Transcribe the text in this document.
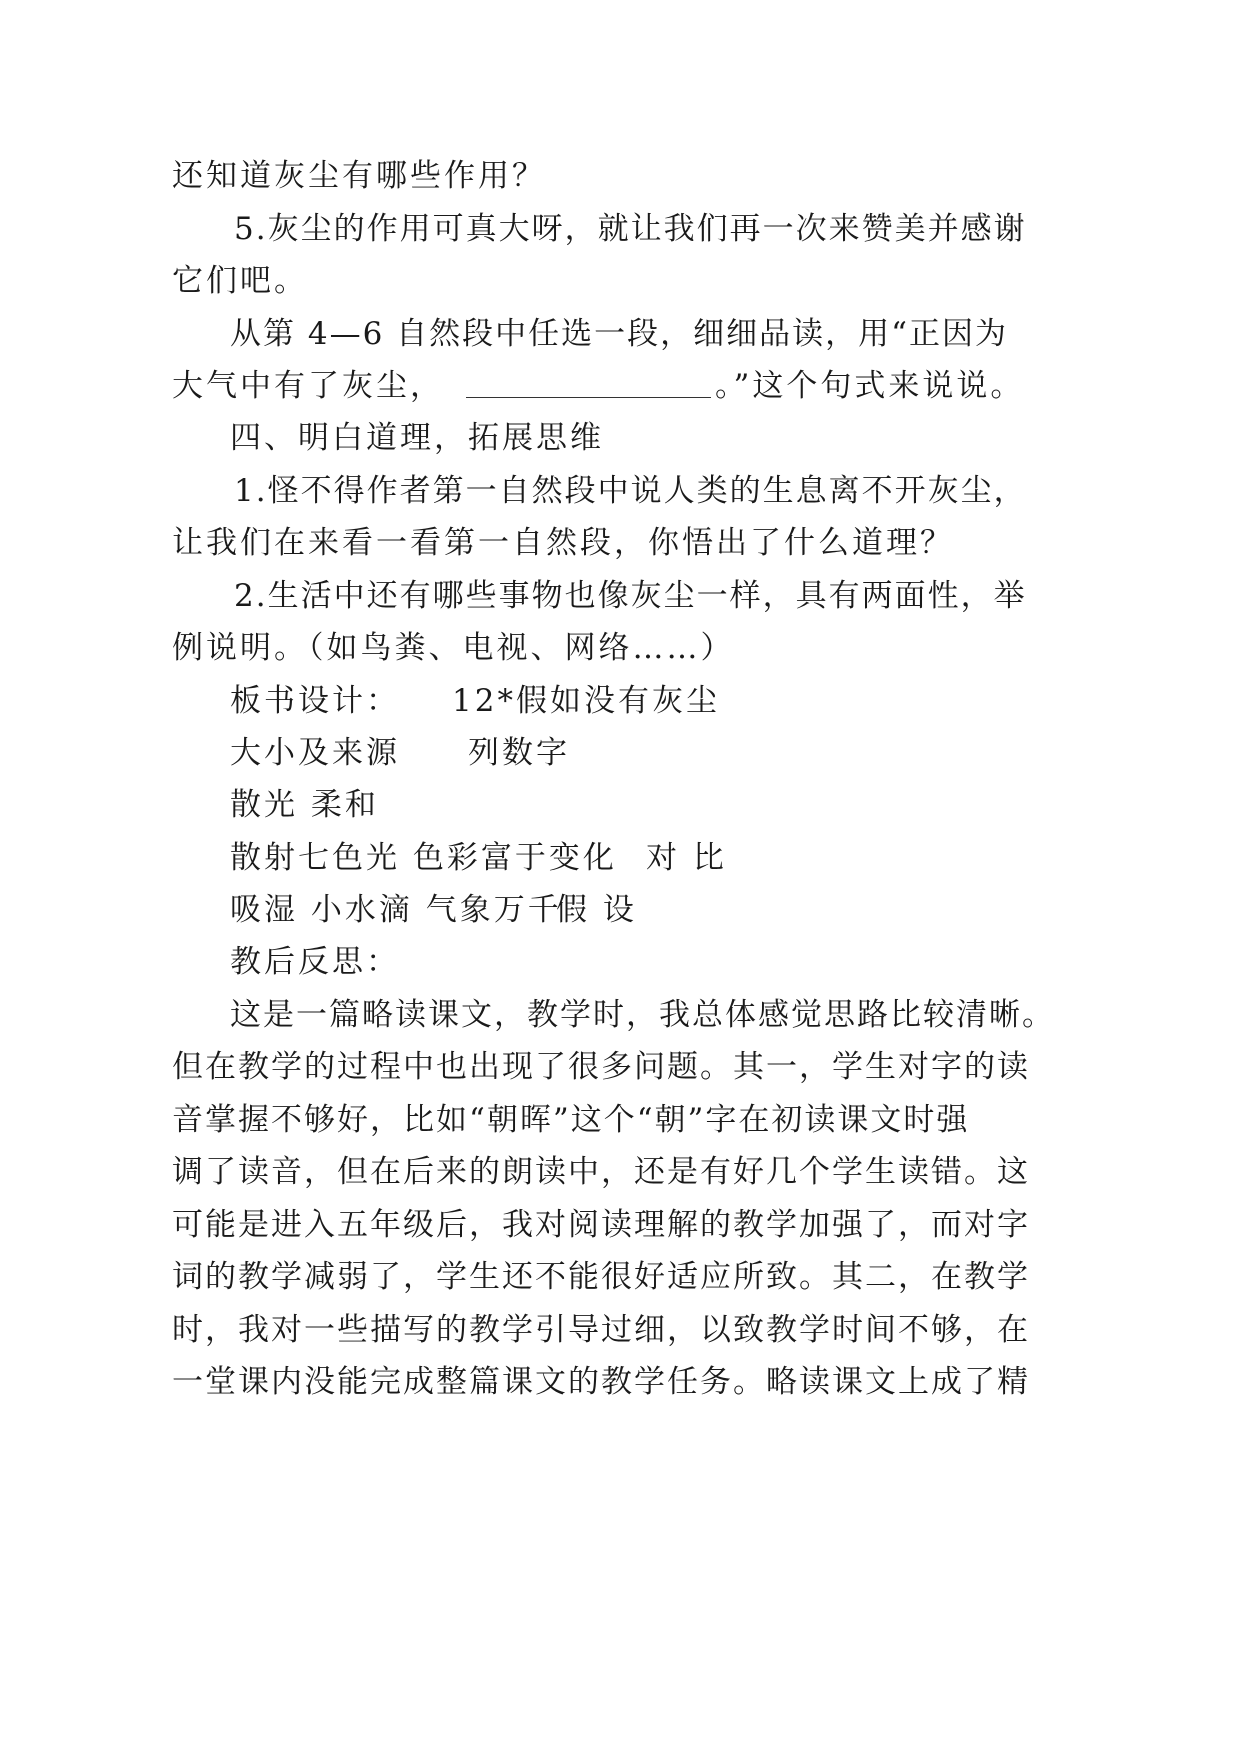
还知道灰尘有哪些作用？
5.灰尘的作用可真大呀，就让我们再一次来赞美并感谢
它们吧。
从第 4—6 自然段中任选一段，细细品读，用“正因为
大气中有了灰尘，	。”这个句式来说说。
四、明白道理，拓展思维
1.怪不得作者第一自然段中说人类的生息离不开灰尘，
让我们在来看一看第一自然段，你悟出了什么道理？
2.生活中还有哪些事物也像灰尘一样，具有两面性，举
例说明。（如鸟粪、电视、网络……）
板书设计： 12*假如没有灰尘
大小及来源 列数字
散光 柔和
散射七色光 色彩富于变化 对 比
吸湿 小水滴 气象万千
假 设
教后反思：
这是一篇略读课文，教学时，我总体感觉思路比较清晰。
但在教学的过程中也出现了很多问题。其一，学生对字的读
音掌握不够好，比如“朝晖”这个“朝”字在初读课文时强
调了读音，但在后来的朗读中，还是有好几个学生读错。这
可能是进入五年级后，我对阅读理解的教学加强了，而对字
词的教学减弱了，学生还不能很好适应所致。其二，在教学
时，我对一些描写的教学引导过细，以致教学时间不够，在
一堂课内没能完成整篇课文的教学任务。略读课文上成了精
